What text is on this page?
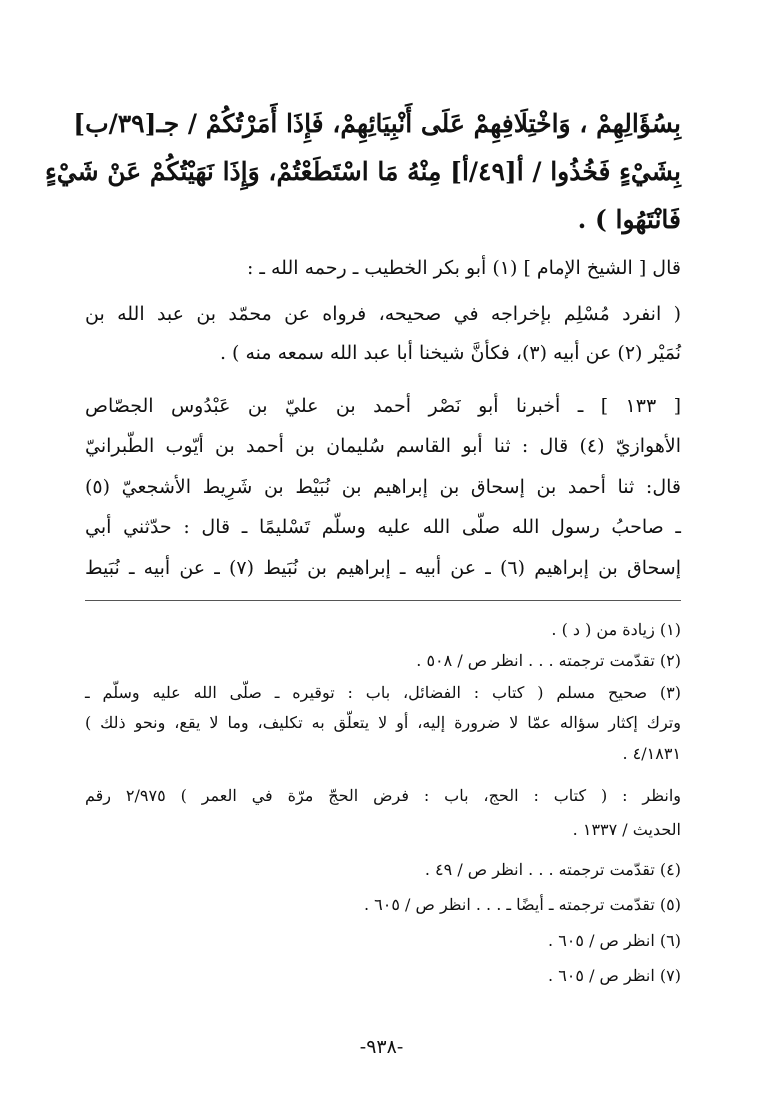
بِسُؤَالِهِمْ ، وَاخْتِلَافِهِمْ عَلَى أَنْبِيَائِهِمْ، فَإِذَا أَمَرْتُكُمْ / جـ[٣٩/ب]
بِشَيْءٍ فَخُذُوا / أ[٤٩/أ] مِنْهُ مَا اسْتَطَعْتُمْ، وَإِذَا نَهَيْتُكُمْ عَنْ شَيْءٍ
فَانْتَهُوا ) .
قال [ الشيخ الإمام ] (١) أبو بكر الخطيب ـ رحمه الله ـ :
( انفرد مُسْلِم بإخراجه في صحيحه، فرواه عن محمّد بن عبد الله بن
نُمَيْر (٢) عن أبيه (٣)، فكأنَّ شيخنا أبا عبد الله سمعه منه ) .
[ ١٣٣ ] ـ أخبرنا أبو نَصْر أحمد بن عليّ بن عَبْدُوس الجصّاص
الأهوازيّ (٤) قال : ثنا أبو القاسم سُليمان بن أحمد بن أيّوب الطّبرانيّ
قال: ثنا أحمد بن إسحاق بن إبراهيم بن نُبَيْط بن شَرِيط الأشجعيّ (٥)
ـ صاحبُ رسول الله صلّى الله عليه وسلّم تَسْليمًا ـ قال : حدّثني أبي
إسحاق بن إبراهيم (٦) ـ عن أبيه ـ إبراهيم بن نُبَيط (٧) ـ عن أبيه ـ نُبَيط
(١) زيادة من ( د ) .
(٢) تقدّمت ترجمته . . . انظر ص / ٥٠٨ .
(٣) صحيح مسلم ( كتاب : الفضائل، باب : توقيره ـ صلّى الله عليه وسلّم ـ
وترك إكثار سؤاله عمّا لا ضرورة إليه، أو لا يتعلّق به تكليف، وما لا يقع، ونحو ذلك )
٤/١٨٣١ .
وانظر : ( كتاب : الحج، باب : فرض الحجّ مرّة في العمر ) ٢/٩٧٥ رقم
الحديث / ١٣٣٧ .
(٤) تقدّمت ترجمته . . . انظر ص / ٤٩ .
(٥) تقدّمت ترجمته ـ أيضًا ـ . . . انظر ص / ٦٠٥ .
(٦) انظر ص / ٦٠٥ .
(٧) انظر ص / ٦٠٥ .
-٩٣٨-
